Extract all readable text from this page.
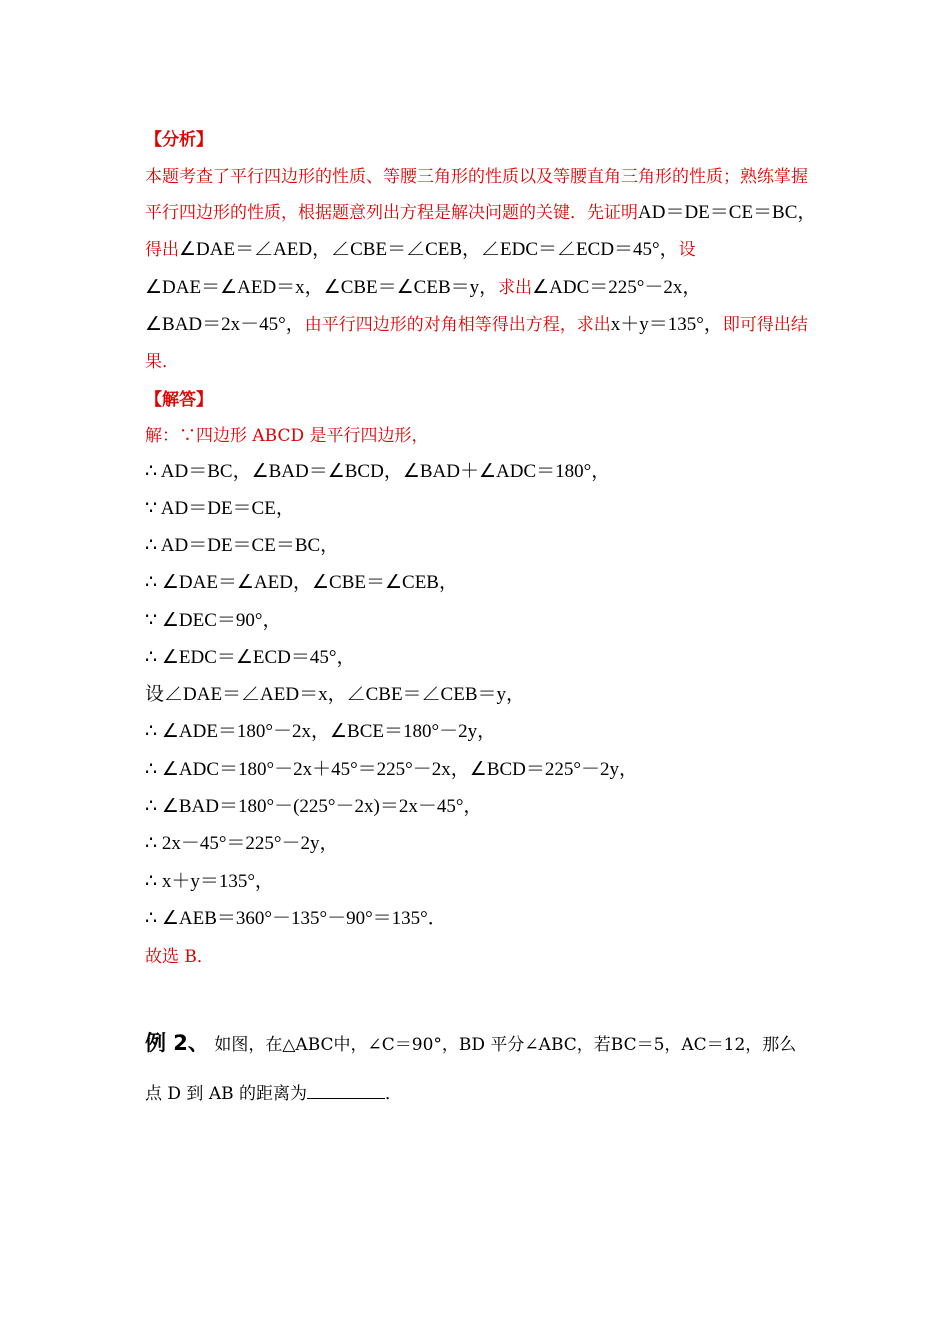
【分析】
本题考查了平行四边形的性质、等腰三角形的性质以及等腰直角三角形的性质；熟练掌握
平行四边形的性质，根据题意列出方程是解决问题的关键．先证明AD＝DE＝CE＝BC，
得出∠DAE＝∠AED，∠CBE＝∠CEB，∠EDC＝∠ECD＝45°，设
∠DAE＝∠AED＝x，∠CBE＝∠CEB＝y，求出∠ADC＝225°－2x，
∠BAD＝2x－45°，由平行四边形的对角相等得出方程，求出x＋y＝135°，即可得出结
果．
【解答】
解：∵四边形 ABCD 是平行四边形，
∴ AD＝BC，∠BAD＝∠BCD，∠BAD＋∠ADC＝180°，
∵ AD＝DE＝CE，
∴ AD＝DE＝CE＝BC，
∴ ∠DAE＝∠AED，∠CBE＝∠CEB，
∵ ∠DEC＝90°，
∴ ∠EDC＝∠ECD＝45°，
设∠DAE＝∠AED＝x，∠CBE＝∠CEB＝y，
∴ ∠ADE＝180°－2x，∠BCE＝180°－2y，
∴ ∠ADC＝180°－2x＋45°＝225°－2x，∠BCD＝225°－2y，
∴ ∠BAD＝180°－(225°－2x)＝2x－45°，
∴ 2x－45°＝225°－2y，
∴ x＋y＝135°，
∴ ∠AEB＝360°－135°－90°＝135°．
故选 B．
例 2、 如图，在△ABC中，∠C＝90°，BD 平分∠ABC，若BC＝5，AC＝12，那么
点 D 到 AB 的距离为	．
